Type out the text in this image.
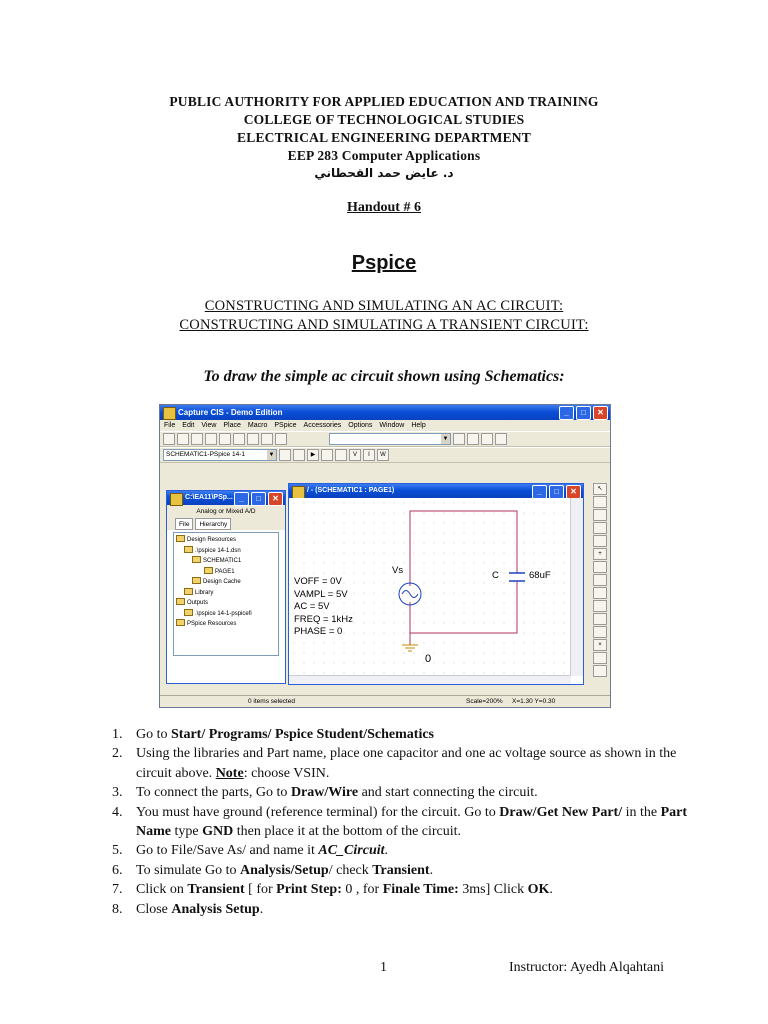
PUBLIC AUTHORITY FOR APPLIED EDUCATION AND TRAINING
COLLEGE OF TECHNOLOGICAL STUDIES
ELECTRICAL ENGINEERING DEPARTMENT
EEP 283 Computer Applications
د. عايض حمد القحطاني
Handout # 6
Pspice
CONSTRUCTING AND SIMULATING AN AC CIRCUIT:
CONSTRUCTING AND SIMULATING A TRANSIENT CIRCUIT:
To draw the simple ac circuit shown using Schematics:
Capture CIS - Demo Edition	_	□	✕
File Edit View Place Macro PSpice Accessories Options Window Help
▼
SCHEMATIC1-PSpice 14-1	▼	▶	V	I	W
C:\EA11\PSp... _	□	✕
Analog or Mixed A/D
File	Hierarchy
Design Resources
.\pspice 14-1.dsn
SCHEMATIC1
PAGE1
Design Cache
Library
Outputs
.\pspice 14-1-pspicefi
PSpice Resources
/ - (SCHEMATIC1 : PAGE1)	_	□	✕
VOFF = 0V
VAMPL = 5V
AC = 5V
FREQ = 1kHz
PHASE = 0
Vs	C	68uF
0
↖
+
×
0 items selected	Scale=200% X=1.30 Y=0.30
1. Go to Start/ Programs/ Pspice Student/Schematics
2. Using the libraries and Part name, place one capacitor and one ac voltage source as shown in the circuit above. Note: choose VSIN.
3. To connect the parts, Go to Draw/Wire and start connecting the circuit.
4. You must have ground (reference terminal) for the circuit. Go to Draw/Get New Part/ in the Part Name type GND then place it at the bottom of the circuit.
5. Go to File/Save As/ and name it AC_Circuit.
6. To simulate Go to Analysis/Setup/ check Transient.
7. Click on Transient [ for Print Step: 0 , for Finale Time: 3ms] Click OK.
8. Close Analysis Setup.
1	Instructor: Ayedh Alqahtani
